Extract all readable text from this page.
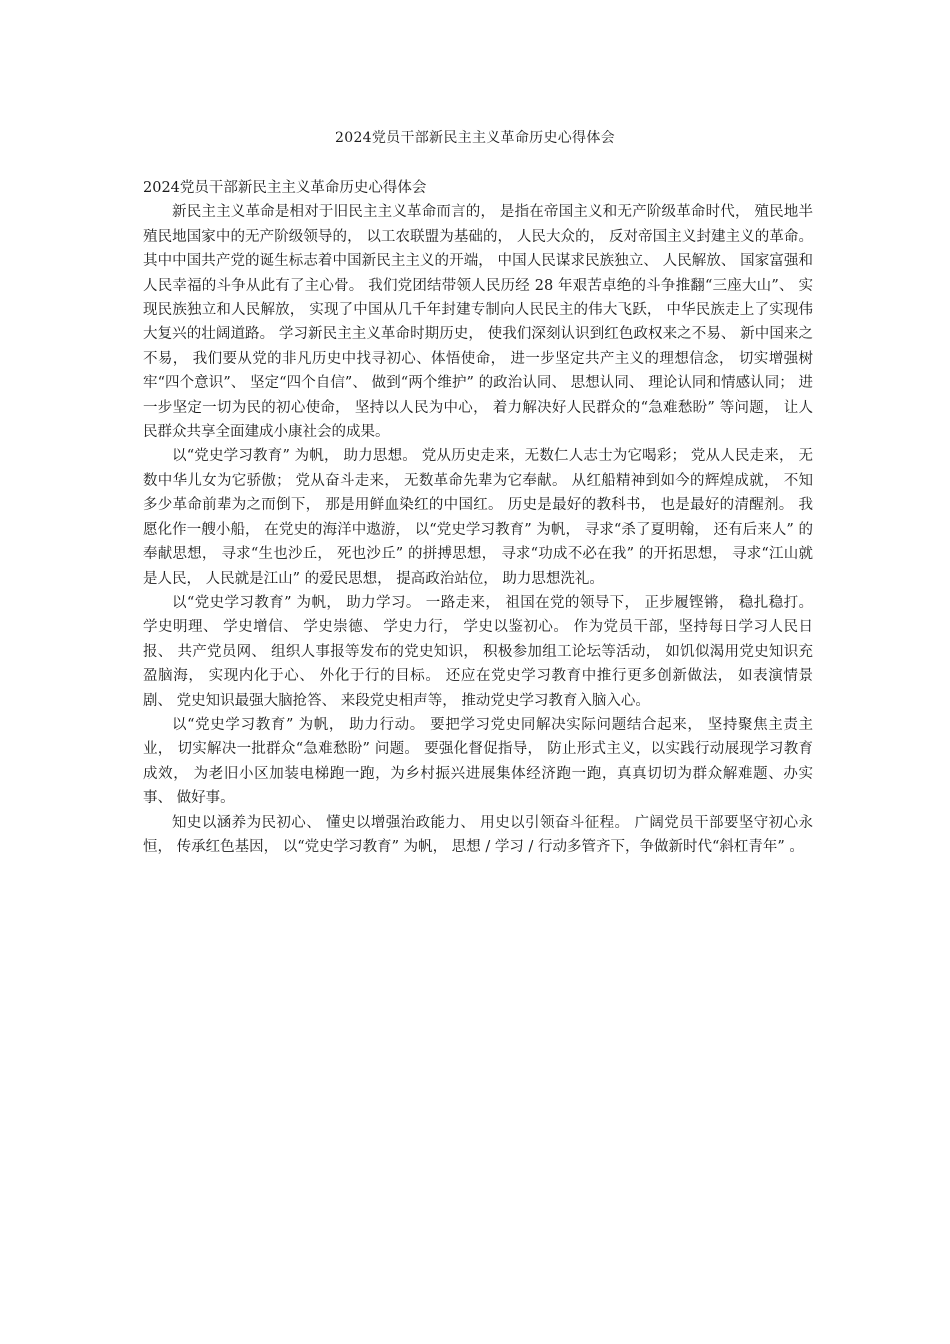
2024党员干部新民主主义革命历史心得体会

2024党员干部新民主主义革命历史心得体会

新民主主义革命是相对于旧民主主义革命而言的， 是指在帝国主义和无产阶级革命时代， 殖民地半殖民地国家中的无产阶级领导的， 以工农联盟为基础的， 人民大众的， 反对帝国主义封建主义的革命。 其中中国共产党的诞生标志着中国新民主主义的开端， 中国人民谋求民族独立、 人民解放、 国家富强和人民幸福的斗争从此有了主心骨。 我们党团结带领人民历经 28 年艰苦卓绝的斗争推翻“三座大山”、 实现民族独立和人民解放， 实现了中国从几千年封建专制向人民民主的伟大飞跃， 中华民族走上了实现伟大复兴的壮阔道路。 学习新民主主义革命时期历史， 使我们深刻认识到红色政权来之不易、 新中国来之不易， 我们要从党的非凡历史中找寻初心、体悟使命， 进一步坚定共产主义的理想信念， 切实增强树牢“四个意识”、 坚定“四个自信”、 做到“两个维护” 的政治认同、 思想认同、 理论认同和情感认同； 进一步坚定一切为民的初心使命， 坚持以人民为中心， 着力解决好人民群众的“急难愁盼” 等问题， 让人民群众共享全面建成小康社会的成果。

以“党史学习教育” 为帆， 助力思想。 党从历史走来，无数仁人志士为它喝彩； 党从人民走来， 无数中华儿女为它骄傲； 党从奋斗走来， 无数革命先辈为它奉献。 从红船精神到如今的辉煌成就， 不知多少革命前辈为之而倒下， 那是用鲜血染红的中国红。 历史是最好的教科书， 也是最好的清醒剂。 我愿化作一艘小船， 在党史的海洋中遨游， 以“党史学习教育” 为帆， 寻求“杀了夏明翰， 还有后来人” 的奉献思想， 寻求“生也沙丘， 死也沙丘” 的拼搏思想， 寻求“功成不必在我” 的开拓思想， 寻求“江山就是人民， 人民就是江山” 的爱民思想， 提高政治站位， 助力思想洗礼。

以“党史学习教育” 为帆， 助力学习。 一路走来， 祖国在党的领导下， 正步履铿锵， 稳扎稳打。 学史明理、 学史增信、 学史崇德、 学史力行， 学史以鉴初心。 作为党员干部，坚持每日学习人民日报、 共产党员网、 组织人事报等发布的党史知识， 积极参加组工论坛等活动， 如饥似渴用党史知识充盈脑海， 实现内化于心、 外化于行的目标。 还应在党史学习教育中推行更多创新做法， 如表演情景剧、 党史知识最强大脑抢答、 来段党史相声等， 推动党史学习教育入脑入心。

以“党史学习教育” 为帆， 助力行动。 要把学习党史同解决实际问题结合起来， 坚持聚焦主责主业， 切实解决一批群众“急难愁盼” 问题。 要强化督促指导， 防止形式主义，以实践行动展现学习教育成效， 为老旧小区加装电梯跑一跑，为乡村振兴进展集体经济跑一跑，真真切切为群众解难题、办实事、 做好事。

知史以涵养为民初心、 懂史以增强治政能力、 用史以引领奋斗征程。 广阔党员干部要坚守初心永恒， 传承红色基因， 以“党史学习教育” 为帆， 思想 / 学习 / 行动多管齐下，争做新时代“斜杠青年” 。
